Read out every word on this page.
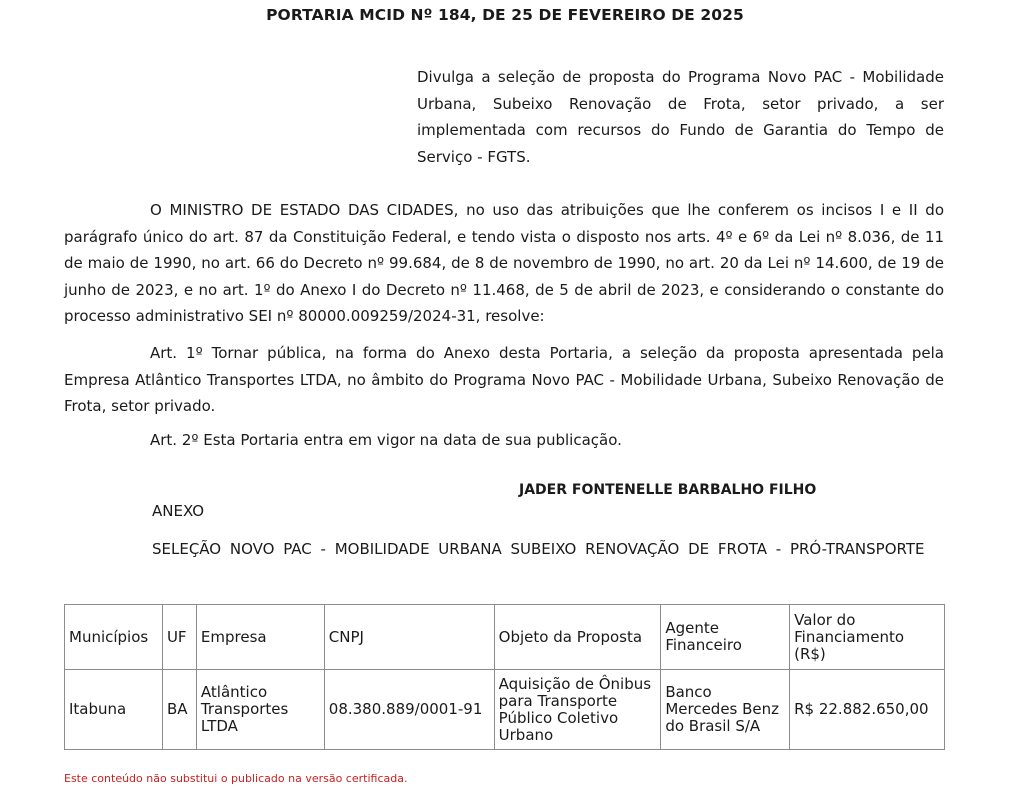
PORTARIA MCID Nº 184, DE 25 DE FEVEREIRO DE 2025
Divulga a seleção de proposta do Programa Novo PAC - Mobilidade Urbana, Subeixo Renovação de Frota, setor privado, a ser implementada com recursos do Fundo de Garantia do Tempo de Serviço - FGTS.
O MINISTRO DE ESTADO DAS CIDADES, no uso das atribuições que lhe conferem os incisos I e II do parágrafo único do art. 87 da Constituição Federal, e tendo vista o disposto nos arts. 4º e 6º da Lei nº 8.036, de 11 de maio de 1990, no art. 66 do Decreto nº 99.684, de 8 de novembro de 1990, no art. 20 da Lei nº 14.600, de 19 de junho de 2023, e no art. 1º do Anexo I do Decreto nº 11.468, de 5 de abril de 2023, e considerando o constante do processo administrativo SEI nº 80000.009259/2024-31, resolve:
Art. 1º Tornar pública, na forma do Anexo desta Portaria, a seleção da proposta apresentada pela Empresa Atlântico Transportes LTDA, no âmbito do Programa Novo PAC - Mobilidade Urbana, Subeixo Renovação de Frota, setor privado.
Art. 2º Esta Portaria entra em vigor na data de sua publicação.
JADER FONTENELLE BARBALHO FILHO
ANEXO
SELEÇÃO NOVO PAC - MOBILIDADE URBANA SUBEIXO RENOVAÇÃO DE FROTA - PRÓ-TRANSPORTE
Municípios	UF	Empresa	CNPJ	Objeto da Proposta	Agente Financeiro	Valor do Financiamento (R$)
Itabuna	BA	Atlântico Transportes LTDA	08.380.889/0001-91	Aquisição de Ônibus para Transporte Público Coletivo Urbano	Banco Mercedes Benz do Brasil S/A	R$ 22.882.650,00
Este conteúdo não substitui o publicado na versão certificada.
